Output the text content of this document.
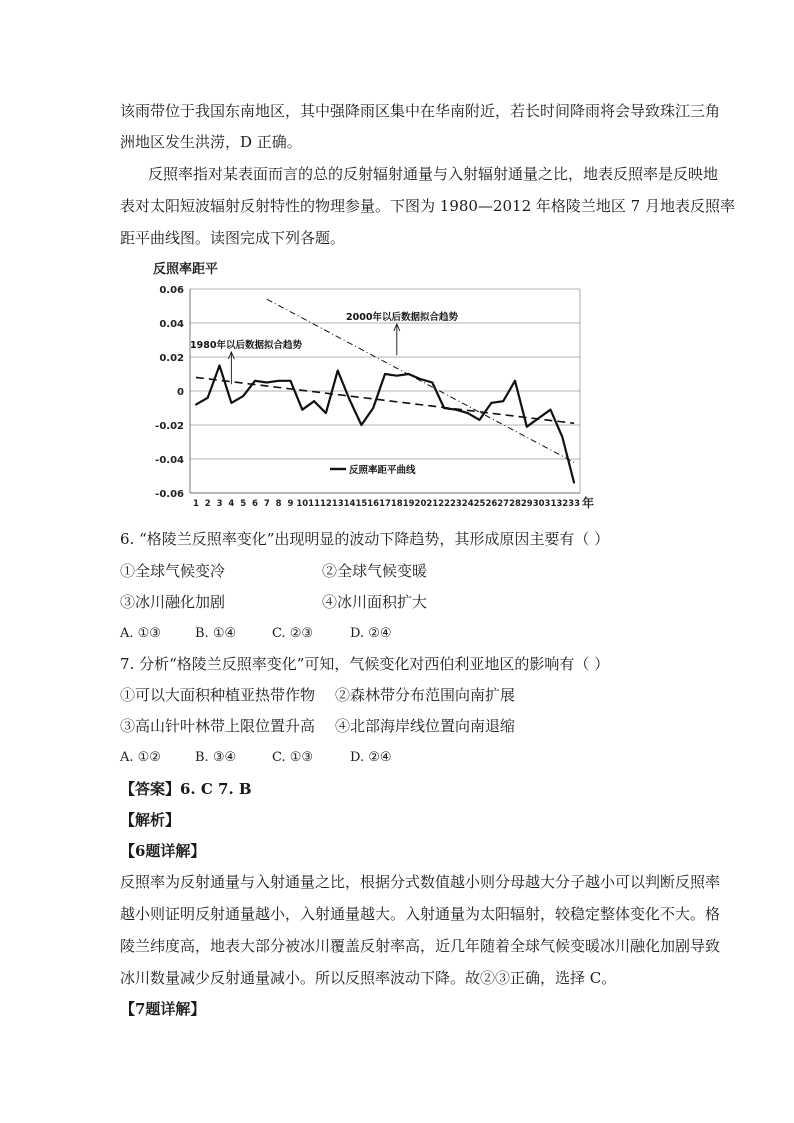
该雨带位于我国东南地区，其中强降雨区集中在华南附近，若长时间降雨将会导致珠江三角
洲地区发生洪涝，D 正确。
反照率指对某表面而言的总的反射辐射通量与入射辐射通量之比，地表反照率是反映地
表对太阳短波辐射反射特性的物理参量。下图为 1980—2012 年格陵兰地区 7 月地表反照率
距平曲线图。读图完成下列各题。
0.06
0.04
0.02
0
-0.02
-0.04
-0.06
1 2 3 4 5 6 7 8 9 10 11 12 13 14 15 16 17 18 19 20 21 22 23 24 25 26 27 28 29 30 31 32 33 年
反照率距平
1980年以后数据拟合趋势
2000年以后数据拟合趋势
反照率距平曲线
6. “格陵兰反照率变化”出现明显的波动下降趋势，其形成原因主要有（ ）
①全球气候变冷	②全球气候变暖
③冰川融化加剧	④冰川面积扩大
A. ①③	B. ①④	C. ②③	D. ②④
7. 分析“格陵兰反照率变化”可知，气候变化对西伯利亚地区的影响有（ ）
①可以大面积种植亚热带作物 ②森林带分布范围向南扩展
③高山针叶林带上限位置升高 ④北部海岸线位置向南退缩
A. ①②	B. ③④	C. ①③	D. ②④
【答案】6. C 7. B
【解析】
【6题详解】
反照率为反射通量与入射通量之比，根据分式数值越小则分母越大分子越小可以判断反照率
越小则证明反射通量越小，入射通量越大。入射通量为太阳辐射，较稳定整体变化不大。格
陵兰纬度高，地表大部分被冰川覆盖反射率高，近几年随着全球气候变暖冰川融化加剧导致
冰川数量减少反射通量减小。所以反照率波动下降。故②③正确，选择 C。
【7题详解】
